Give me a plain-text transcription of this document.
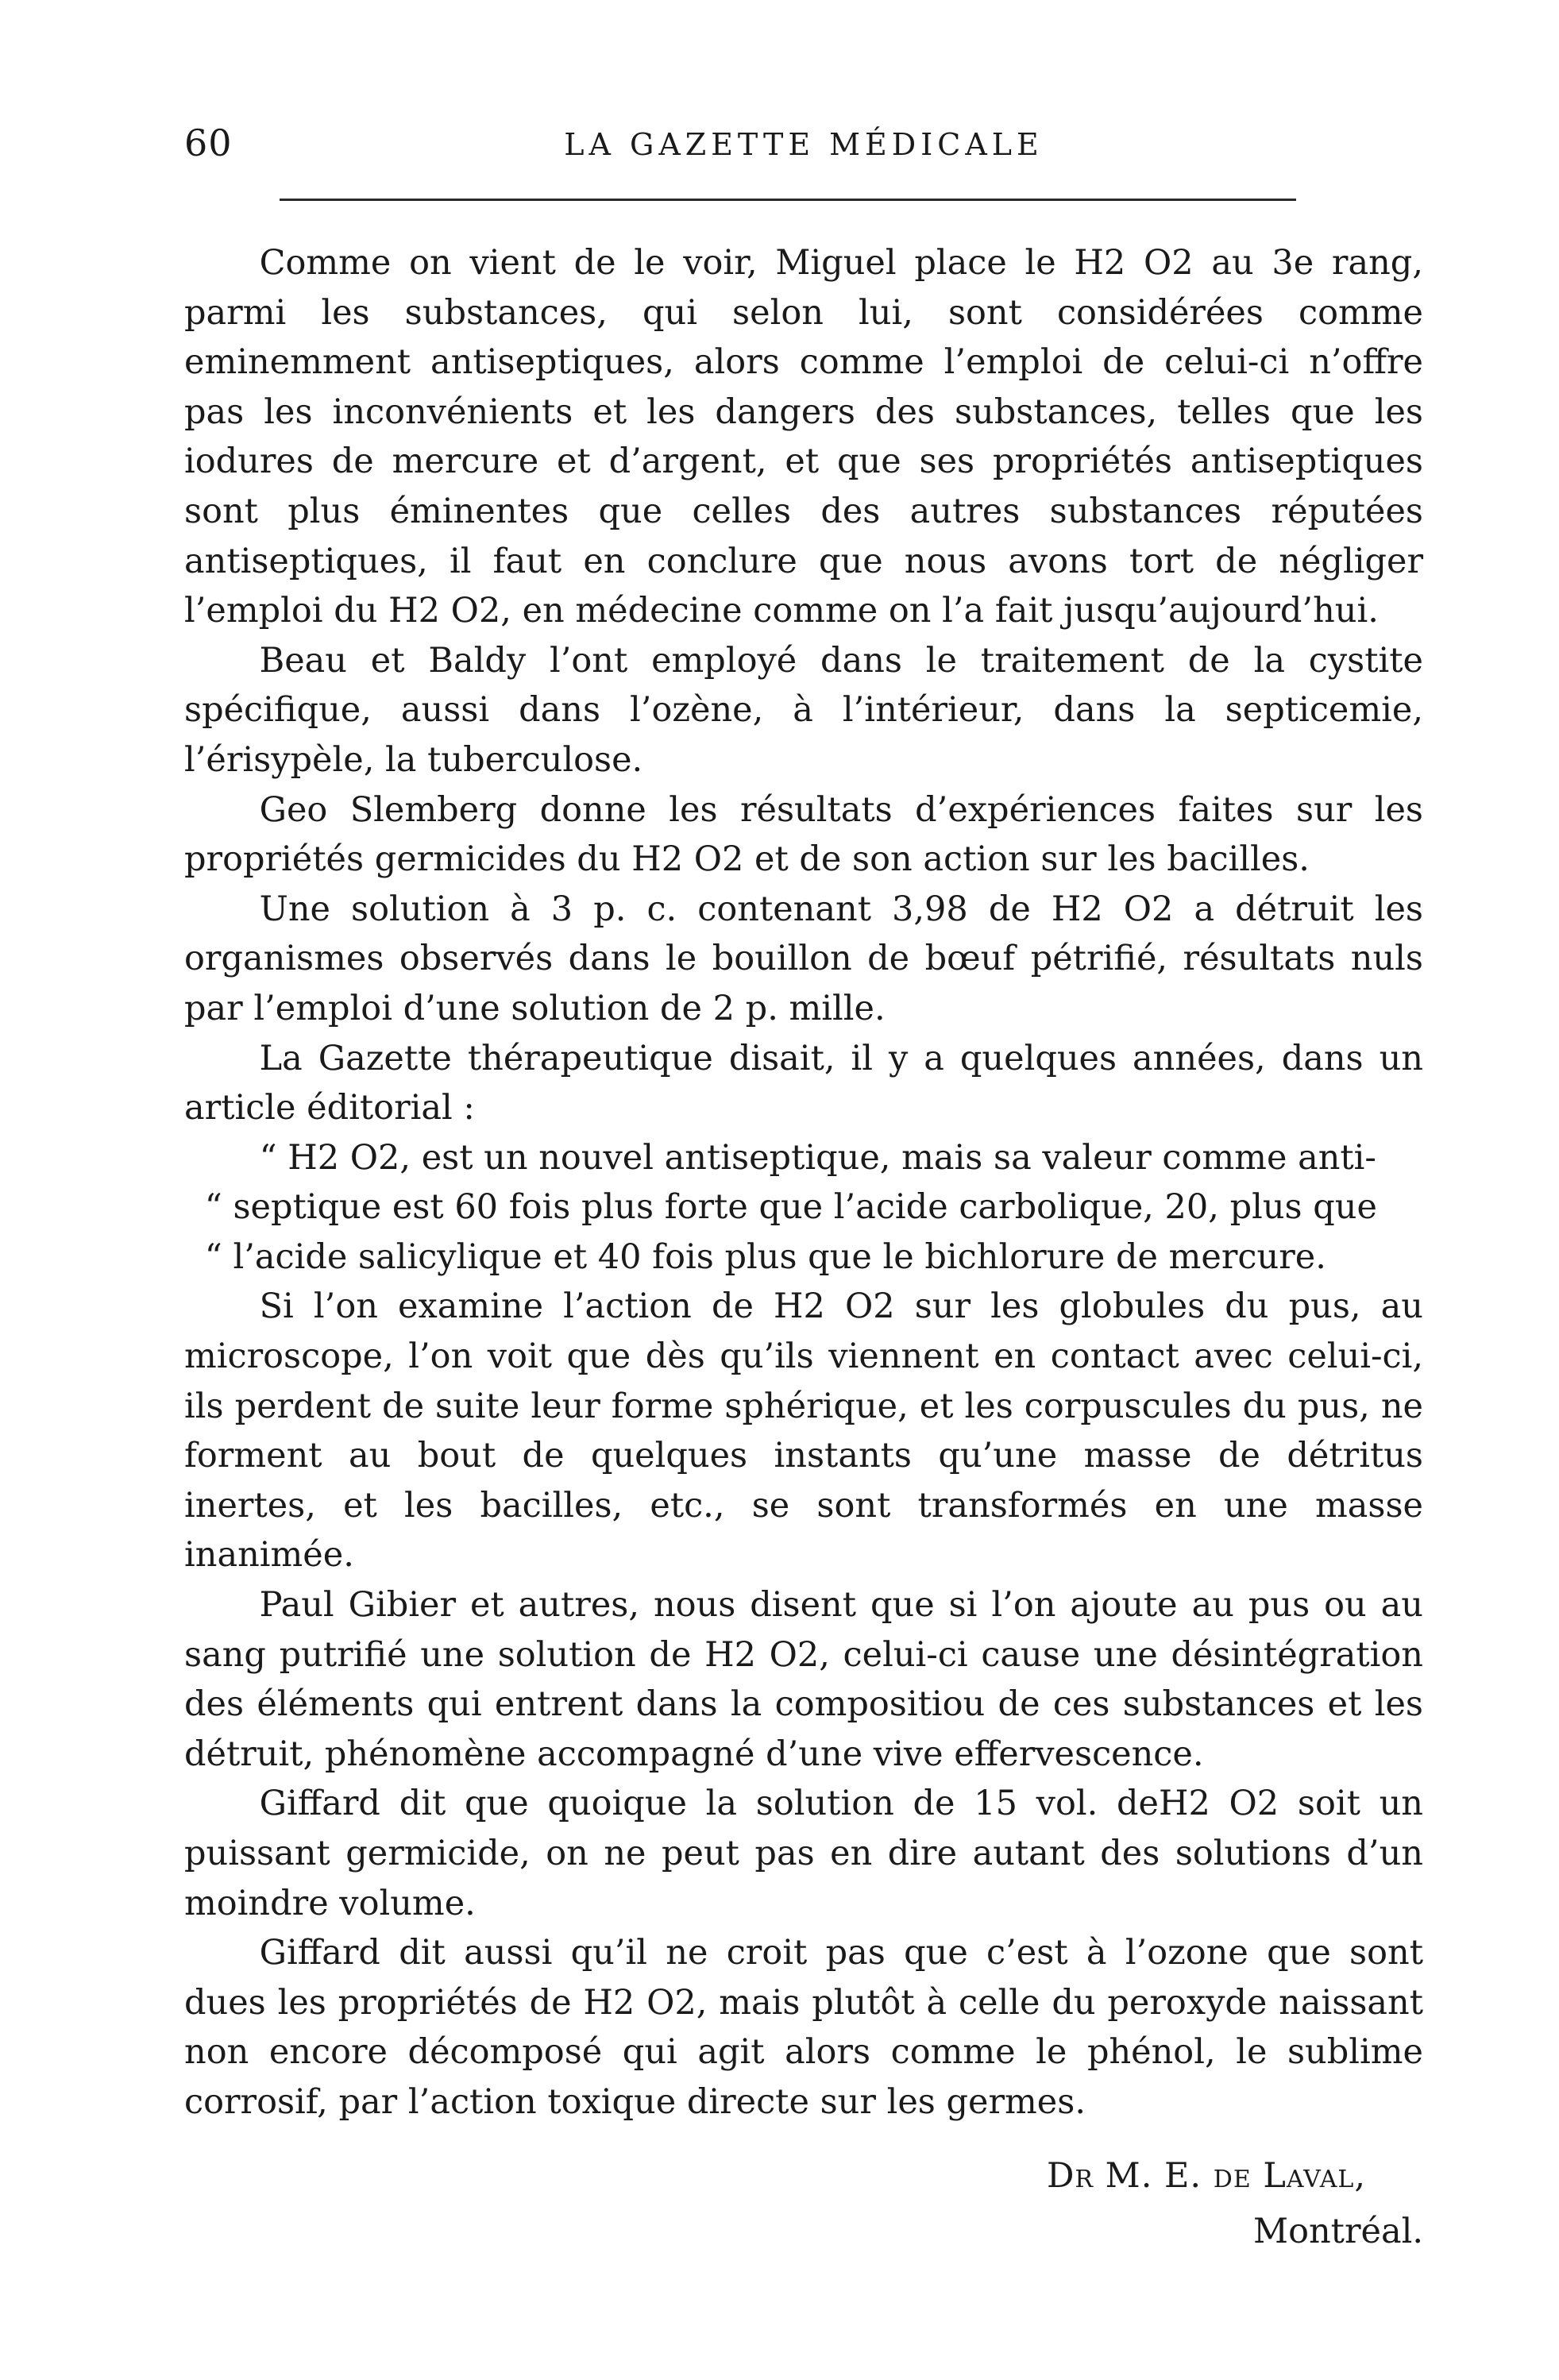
60	LA GAZETTE MÉDICALE

Comme on vient de le voir, Miguel place le H2 O2 au 3e rang, parmi les substances, qui selon lui, sont considérées comme eminemment antiseptiques, alors comme l’emploi de celui-ci n’offre pas les inconvénients et les dangers des substances, telles que les iodures de mercure et d’argent, et que ses propriétés antiseptiques sont plus éminentes que celles des autres substances réputées antiseptiques, il faut en conclure que nous avons tort de négliger l’emploi du H2 O2, en médecine comme on l’a fait jusqu’aujourd’hui.

Beau et Baldy l’ont employé dans le traitement de la cystite spécifique, aussi dans l’ozène, à l’intérieur, dans la septicemie, l’érisypèle, la tuberculose.

Geo Slemberg donne les résultats d’expériences faites sur les propriétés germicides du H2 O2 et de son action sur les bacilles.

Une solution à 3 p. c. contenant 3,98 de H2 O2 a détruit les organismes observés dans le bouillon de bœuf pétrifié, résultats nuls par l’emploi d’une solution de 2 p. mille.

La Gazette thérapeutique disait, il y a quelques années, dans un article éditorial :

“ H2 O2, est un nouvel antiseptique, mais sa valeur comme anti-
“ septique est 60 fois plus forte que l’acide carbolique, 20, plus que
“ l’acide salicylique et 40 fois plus que le bichlorure de mercure.

Si l’on examine l’action de H2 O2 sur les globules du pus, au microscope, l’on voit que dès qu’ils viennent en contact avec celui-ci, ils perdent de suite leur forme sphérique, et les corpuscules du pus, ne forment au bout de quelques instants qu’une masse de détritus inertes, et les bacilles, etc., se sont transformés en une masse inanimée.

Paul Gibier et autres, nous disent que si l’on ajoute au pus ou au sang putrifié une solution de H2 O2, celui-ci cause une désintégration des éléments qui entrent dans la compositiou de ces substances et les détruit, phénomène accompagné d’une vive effervescence.

Giffard dit que quoique la solution de 15 vol. deH2 O2 soit un puissant germicide, on ne peut pas en dire autant des solutions d’un moindre volume.

Giffard dit aussi qu’il ne croit pas que c’est à l’ozone que sont dues les propriétés de H2 O2, mais plutôt à celle du peroxyde naissant non encore décomposé qui agit alors comme le phénol, le sublime corrosif, par l’action toxique directe sur les germes.

Dr M. E. de Laval,
Montréal.
